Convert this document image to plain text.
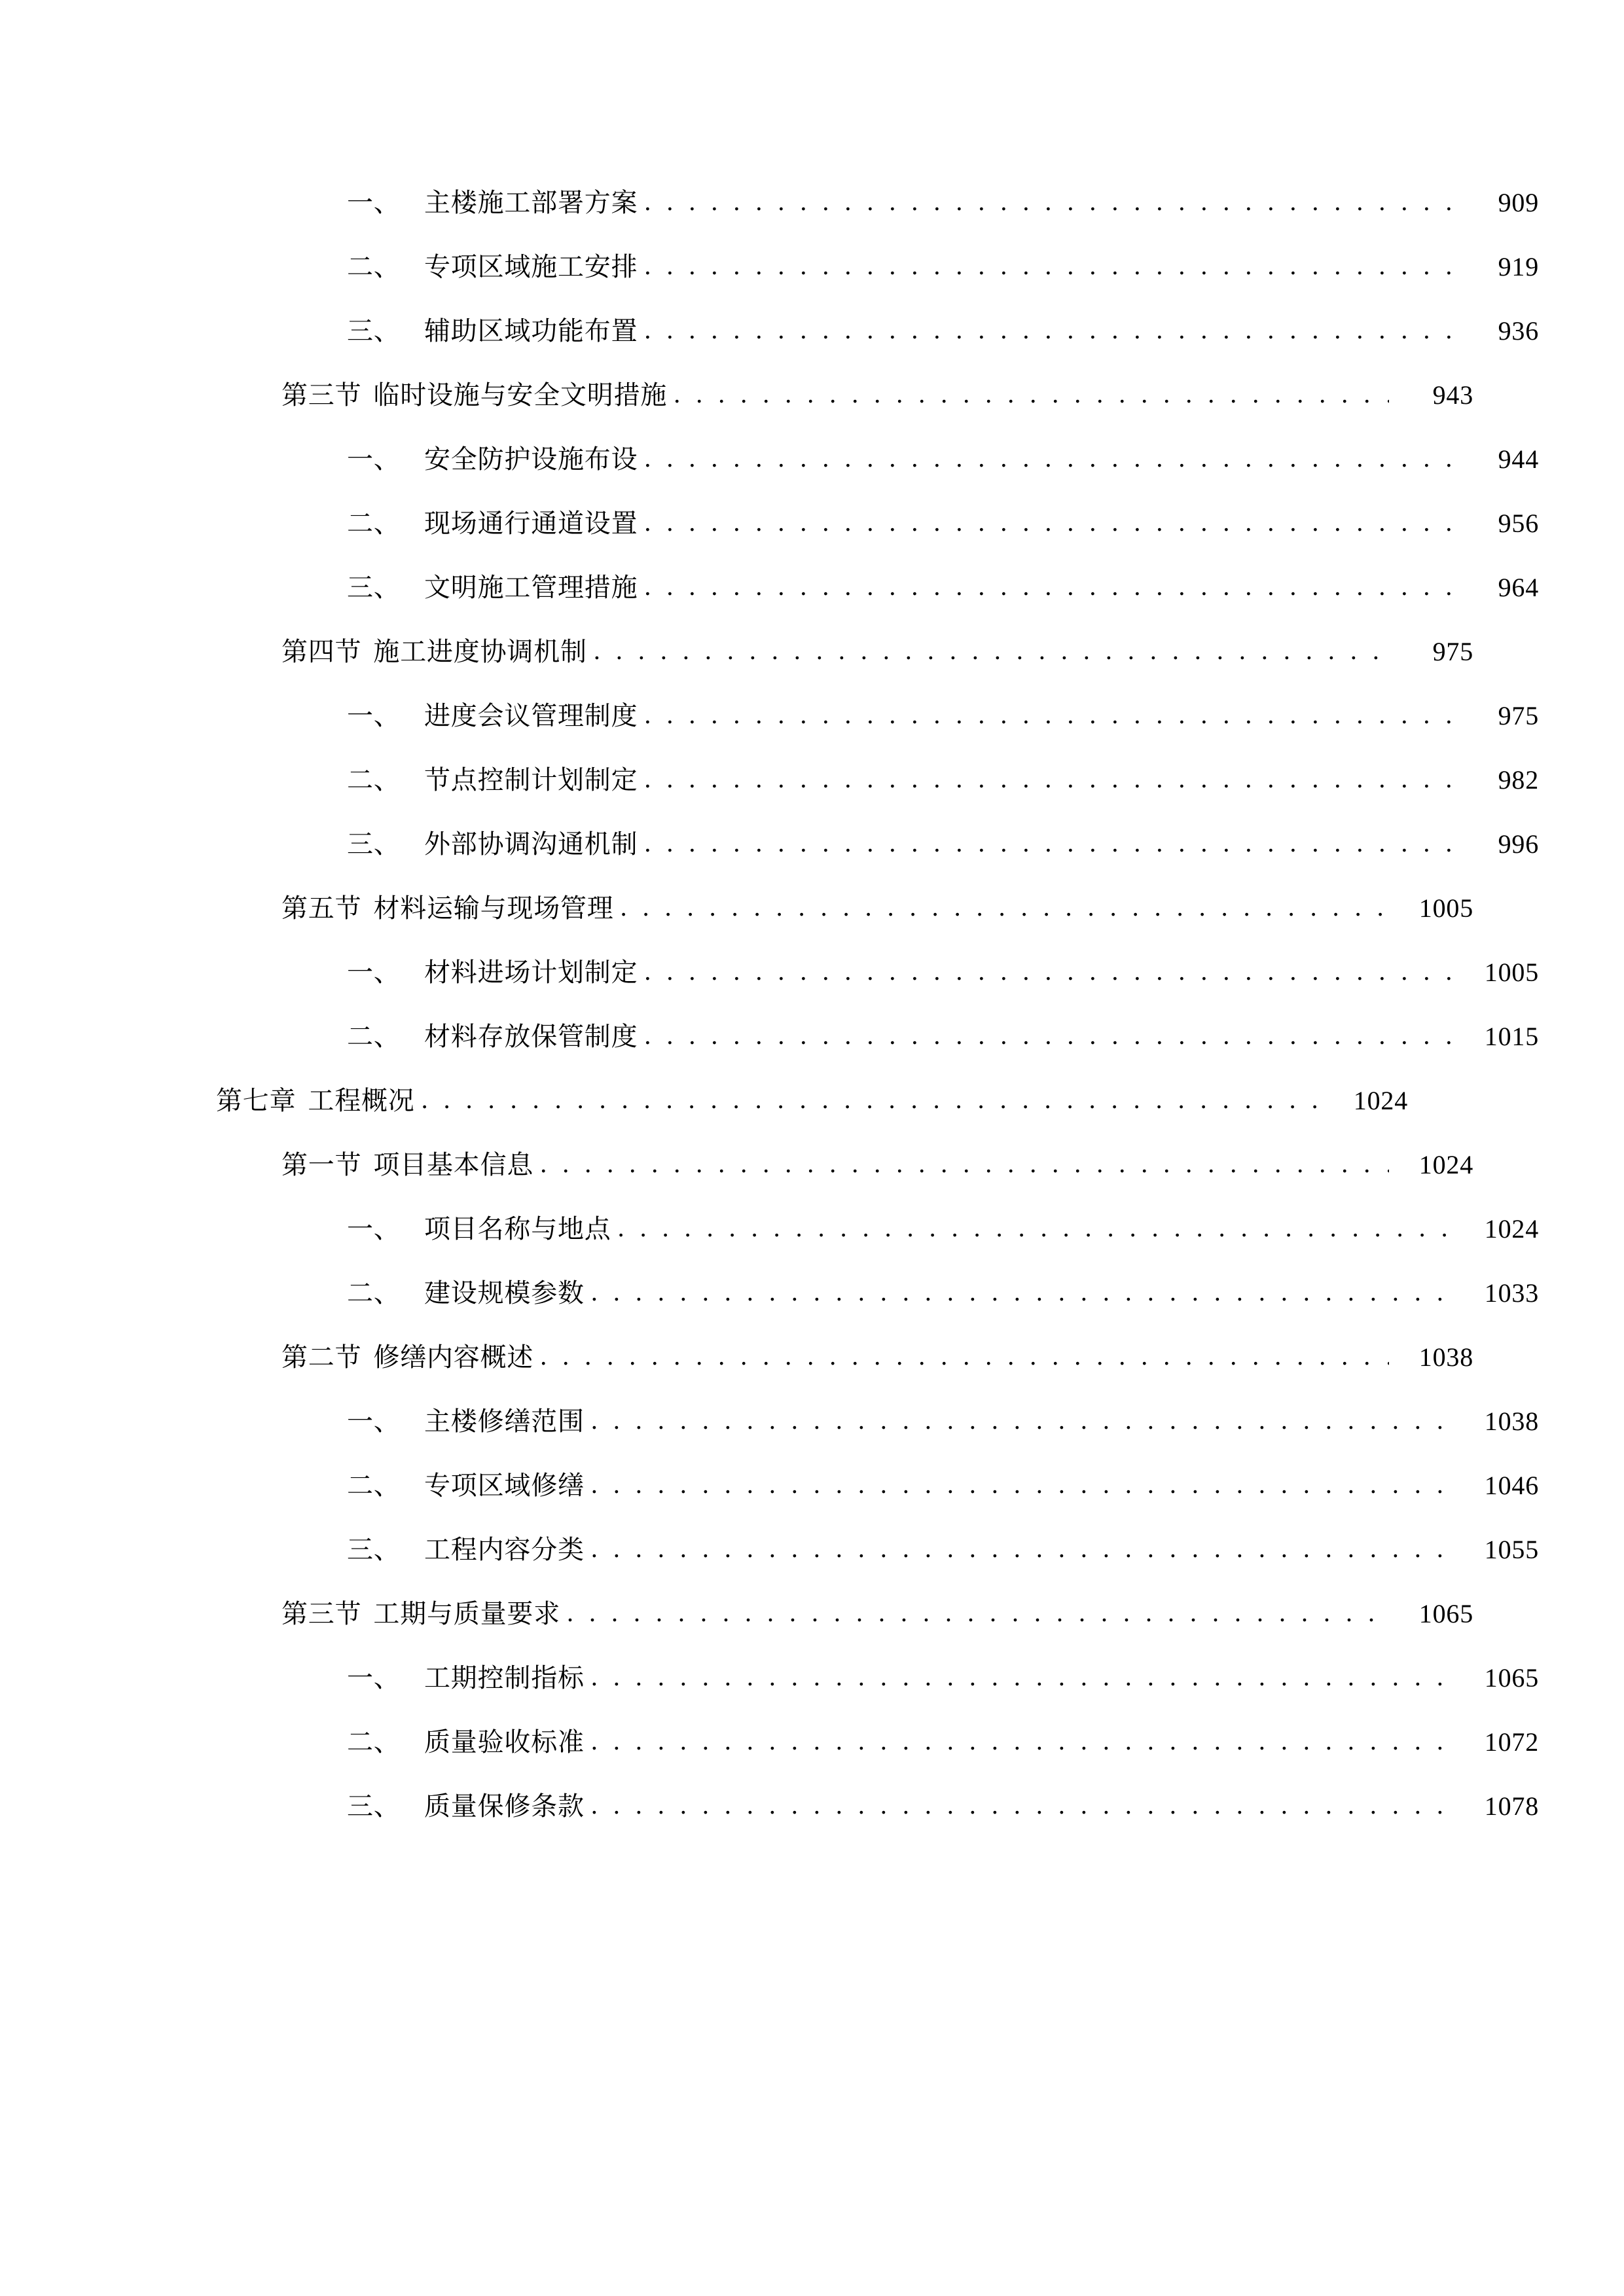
一、 主楼施工部署方案 . . .	909
二、 专项区域施工安排 . . .	919
三、 辅助区域功能布置 . . .	936
第三节 临时设施与安全文明措施 . . .	943
一、 安全防护设施布设 . . .	944
二、 现场通行通道设置 . . .	956
三、 文明施工管理措施 . . .	964
第四节 施工进度协调机制 . . .	975
一、 进度会议管理制度 . . .	975
二、 节点控制计划制定 . . .	982
三、 外部协调沟通机制 . . .	996
第五节 材料运输与现场管理 . . .	1005
一、 材料进场计划制定 . . .	1005
二、 材料存放保管制度 . . .	1015
第七章 工程概况 . . .	1024
第一节 项目基本信息 . . .	1024
一、 项目名称与地点 . . .	1024
二、 建设规模参数 . . .	1033
第二节 修缮内容概述 . . .	1038
一、 主楼修缮范围 . . .	1038
二、 专项区域修缮 . . .	1046
三、 工程内容分类 . . .	1055
第三节 工期与质量要求 . . .	1065
一、 工期控制指标 . . .	1065
二、 质量验收标准 . . .	1072
三、 质量保修条款 . . .	1078
